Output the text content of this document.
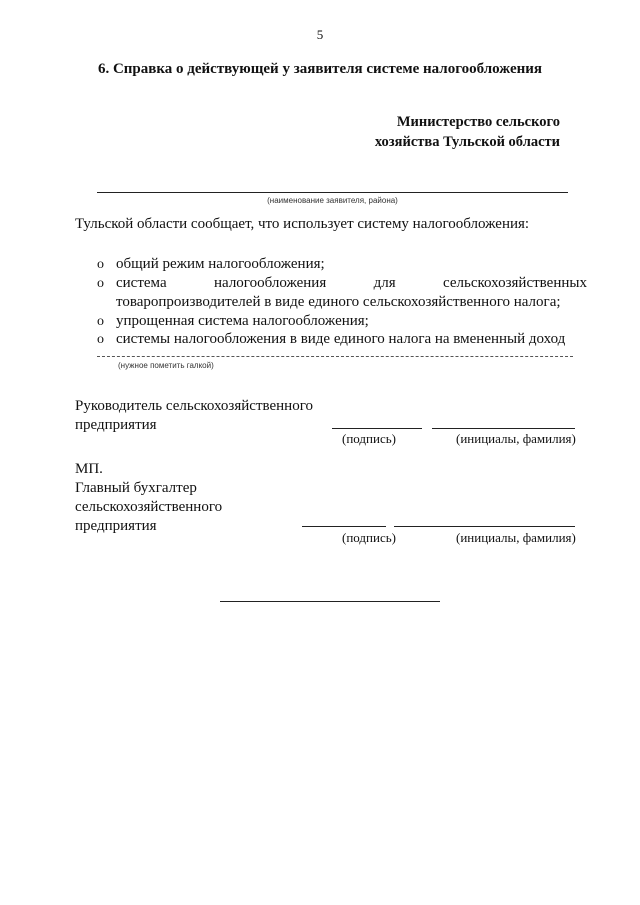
5
6. Справка о действующей у заявителя системе налогообложения
Министерство сельского
хозяйства Тульской области
(наименование заявителя, района)
Тульской области сообщает, что использует систему налогообложения:
o общий режим налогообложения;
o система	налогообложения	для	сельскохозяйственных
товаропроизводителей в виде единого сельскохозяйственного налога;
o упрощенная система налогообложения;
o системы налогообложения в виде единого налога на вмененный доход
(нужное пометить галкой)
Руководитель сельскохозяйственного
предприятия
(подпись)	(инициалы, фамилия)
МП.
Главный бухгалтер
сельскохозяйственного
предприятия
(подпись)	(инициалы, фамилия)
